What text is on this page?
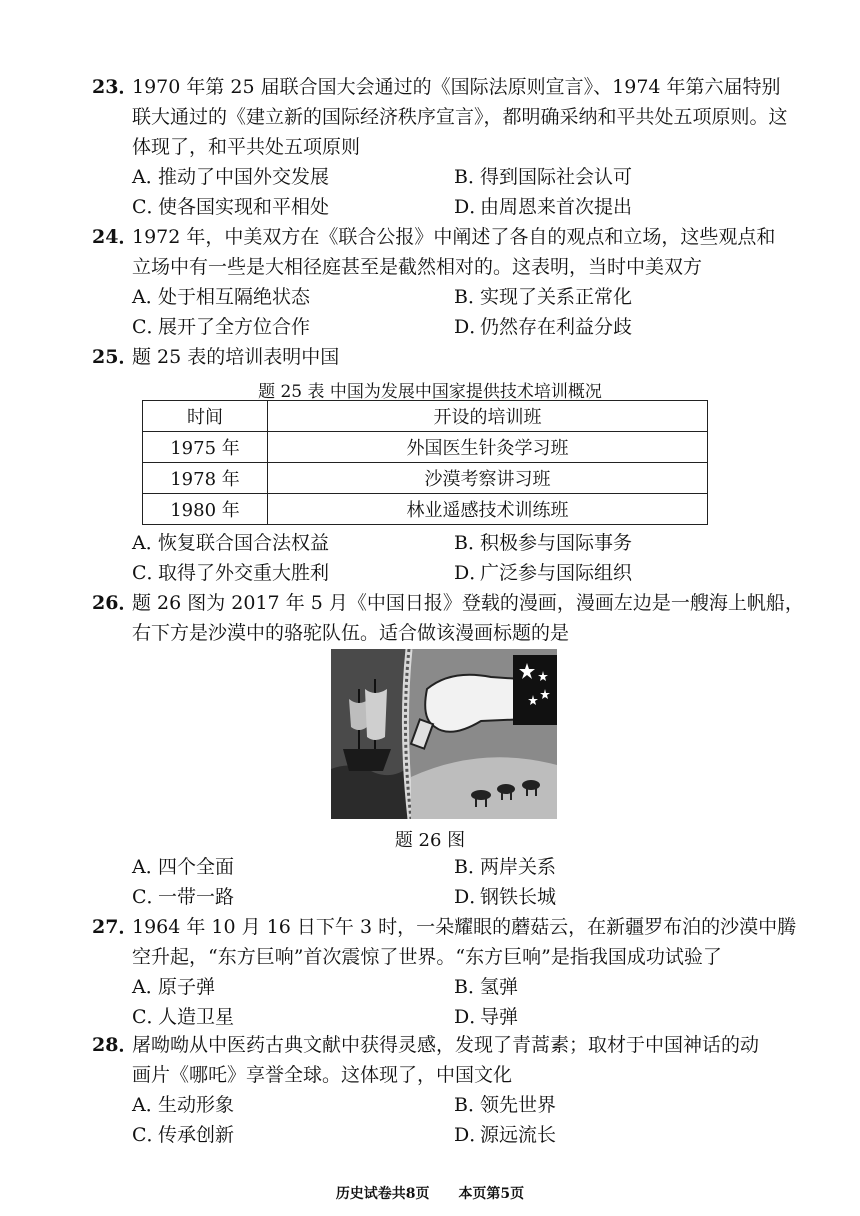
23．
1970 年第 25 届联合国大会通过的《国际法原则宣言》、1974 年第六届特别
联大通过的《建立新的国际经济秩序宣言》，都明确采纳和平共处五项原则。这体现了，和平共处五项原则
A．推动了中国外交发展	B．得到国际社会认可
C．使各国实现和平相处	D．由周恩来首次提出
24．
1972 年，中美双方在《联合公报》中阐述了各自的观点和立场，这些观点和
立场中有一些是大相径庭甚至是截然相对的。这表明，当时中美双方
A．处于相互隔绝状态	B．实现了关系正常化
C．展开了全方位合作	D．仍然存在利益分歧
25．
题 25 表的培训表明中国
题 25 表 中国为发展中国家提供技术培训概况
时间	开设的培训班
1975 年	外国医生针灸学习班
1978 年	沙漠考察讲习班
1980 年	林业遥感技术训练班
A．恢复联合国合法权益	B．积极参与国际事务
C．取得了外交重大胜利	D．广泛参与国际组织
26．
题 26 图为 2017 年 5 月《中国日报》登载的漫画，漫画左边是一艘海上帆船，
右下方是沙漠中的骆驼队伍。适合做该漫画标题的是
题 26 图
A．四个全面	B．两岸关系
C．一带一路	D．钢铁长城
27．
1964 年 10 月 16 日下午 3 时，一朵耀眼的蘑菇云，在新疆罗布泊的沙漠中腾
空升起，“东方巨响”首次震惊了世界。“东方巨响”是指我国成功试验了
A．原子弹	B．氢弹
C．人造卫星	D．导弹
28．
屠呦呦从中医药古典文献中获得灵感，发现了青蒿素；取材于中国神话的动
画片《哪吒》享誉全球。这体现了，中国文化
A．生动形象	B．领先世界
C．传承创新	D．源远流长
历史试卷共8页 本页第5页
